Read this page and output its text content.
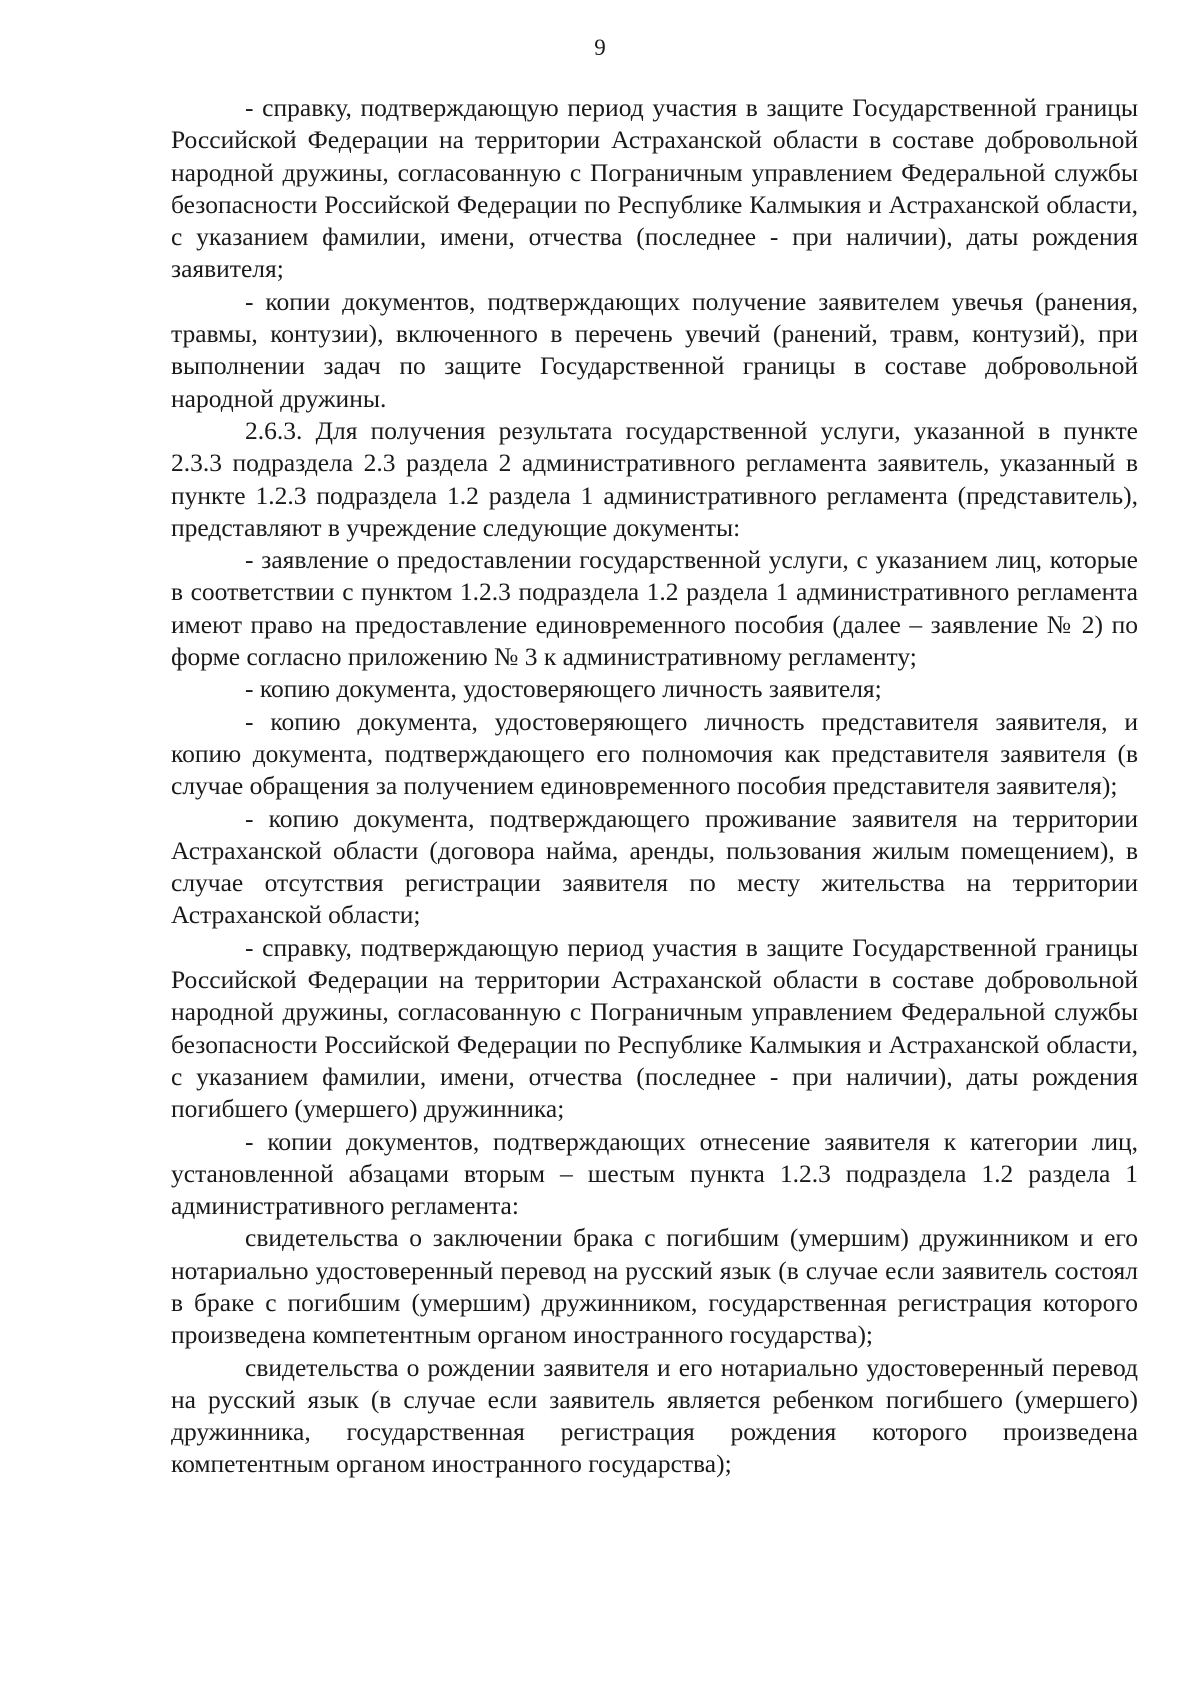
9

- справку, подтверждающую период участия в защите Государственной границы Российской Федерации на территории Астраханской области в составе добровольной народной дружины, согласованную с Пограничным управлением Федеральной службы безопасности Российской Федерации по Республике Калмыкия и Астраханской области, с указанием фамилии, имени, отчества (последнее - при наличии), даты рождения заявителя;

- копии документов, подтверждающих получение заявителем увечья (ранения, травмы, контузии), включенного в перечень увечий (ранений, травм, контузий), при выполнении задач по защите Государственной границы в составе добровольной народной дружины.

2.6.3. Для получения результата государственной услуги, указанной в пункте 2.3.3 подраздела 2.3 раздела 2 административного регламента заявитель, указанный в пункте 1.2.3 подраздела 1.2 раздела 1 административного регламента (представитель), представляют в учреждение следующие документы:

- заявление о предоставлении государственной услуги, с указанием лиц, которые в соответствии с пунктом 1.2.3 подраздела 1.2 раздела 1 административного регламента имеют право на предоставление единовременного пособия (далее – заявление № 2) по форме согласно приложению № 3 к административному регламенту;

- копию документа, удостоверяющего личность заявителя;

- копию документа, удостоверяющего личность представителя заявителя, и копию документа, подтверждающего его полномочия как представителя заявителя (в случае обращения за получением единовременного пособия представителя заявителя);

- копию документа, подтверждающего проживание заявителя на территории Астраханской области (договора найма, аренды, пользования жилым помещением), в случае отсутствия регистрации заявителя по месту жительства на территории Астраханской области;

- справку, подтверждающую период участия в защите Государственной границы Российской Федерации на территории Астраханской области в составе добровольной народной дружины, согласованную с Пограничным управлением Федеральной службы безопасности Российской Федерации по Республике Калмыкия и Астраханской области, с указанием фамилии, имени, отчества (последнее - при наличии), даты рождения погибшего (умершего) дружинника;

- копии документов, подтверждающих отнесение заявителя к категории лиц, установленной абзацами вторым – шестым пункта 1.2.3 подраздела 1.2 раздела 1 административного регламента:

свидетельства о заключении брака с погибшим (умершим) дружинником и его нотариально удостоверенный перевод на русский язык (в случае если заявитель состоял в браке с погибшим (умершим) дружинником, государственная регистрация которого произведена компетентным органом иностранного государства);

свидетельства о рождении заявителя и его нотариально удостоверенный перевод на русский язык (в случае если заявитель является ребенком погибшего (умершего) дружинника, государственная регистрация рождения которого произведена компетентным органом иностранного государства);
